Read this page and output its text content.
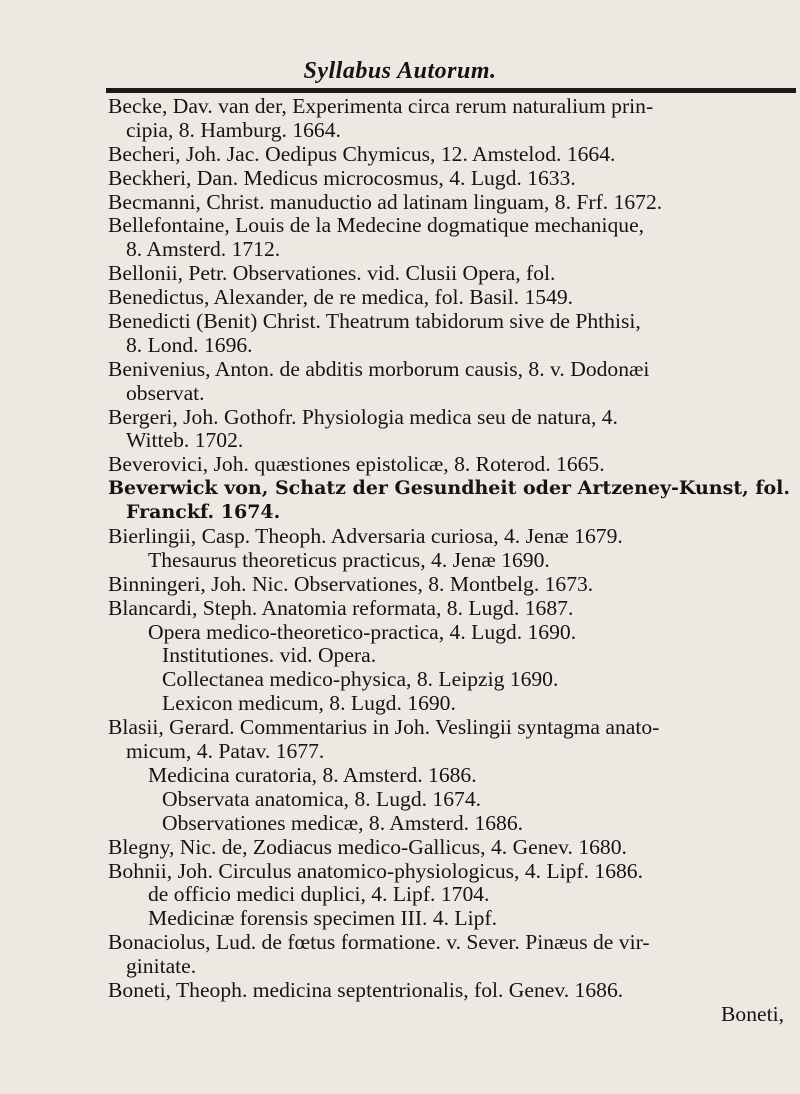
Syllabus Autorum.
Becke, Dav. van der, Experimenta circa rerum naturalium prin-
cipia, 8. Hamburg. 1664.
Becheri, Joh. Jac. Oedipus Chymicus, 12. Amstelod. 1664.
Beckheri, Dan. Medicus microcosmus, 4. Lugd. 1633.
Becmanni, Christ. manuductio ad latinam linguam, 8. Frf. 1672.
Bellefontaine, Louis de la Medecine dogmatique mechanique,
8. Amsterd. 1712.
Bellonii, Petr. Observationes. vid. Clusii Opera, fol.
Benedictus, Alexander, de re medica, fol. Basil. 1549.
Benedicti (Benit) Christ. Theatrum tabidorum sive de Phthisi,
8. Lond. 1696.
Benivenius, Anton. de abditis morborum causis, 8. v. Dodonæi
observat.
Bergeri, Joh. Gothofr. Physiologia medica seu de natura, 4.
Witteb. 1702.
Beverovici, Joh. quæstiones epistolicæ, 8. Roterod. 1665.
Beverwick von, Schatz der Gesundheit oder Artzeney-Kunst, fol.
Franckf. 1674.
Bierlingii, Casp. Theoph. Adversaria curiosa, 4. Jenæ 1679.
Thesaurus theoreticus practicus, 4. Jenæ 1690.
Binningeri, Joh. Nic. Observationes, 8. Montbelg. 1673.
Blancardi, Steph. Anatomia reformata, 8. Lugd. 1687.
Opera medico-theoretico-practica, 4. Lugd. 1690.
Institutiones. vid. Opera.
Collectanea medico-physica, 8. Leipzig 1690.
Lexicon medicum, 8. Lugd. 1690.
Blasii, Gerard. Commentarius in Joh. Veslingii syntagma anato-
micum, 4. Patav. 1677.
Medicina curatoria, 8. Amsterd. 1686.
Observata anatomica, 8. Lugd. 1674.
Observationes medicæ, 8. Amsterd. 1686.
Blegny, Nic. de, Zodiacus medico-Gallicus, 4. Genev. 1680.
Bohnii, Joh. Circulus anatomico-physiologicus, 4. Lipf. 1686.
de officio medici duplici, 4. Lipf. 1704.
Medicinæ forensis specimen III. 4. Lipf.
Bonaciolus, Lud. de fœtus formatione. v. Sever. Pinæus de vir-
ginitate.
Boneti, Theoph. medicina septentrionalis, fol. Genev. 1686.
Boneti,
